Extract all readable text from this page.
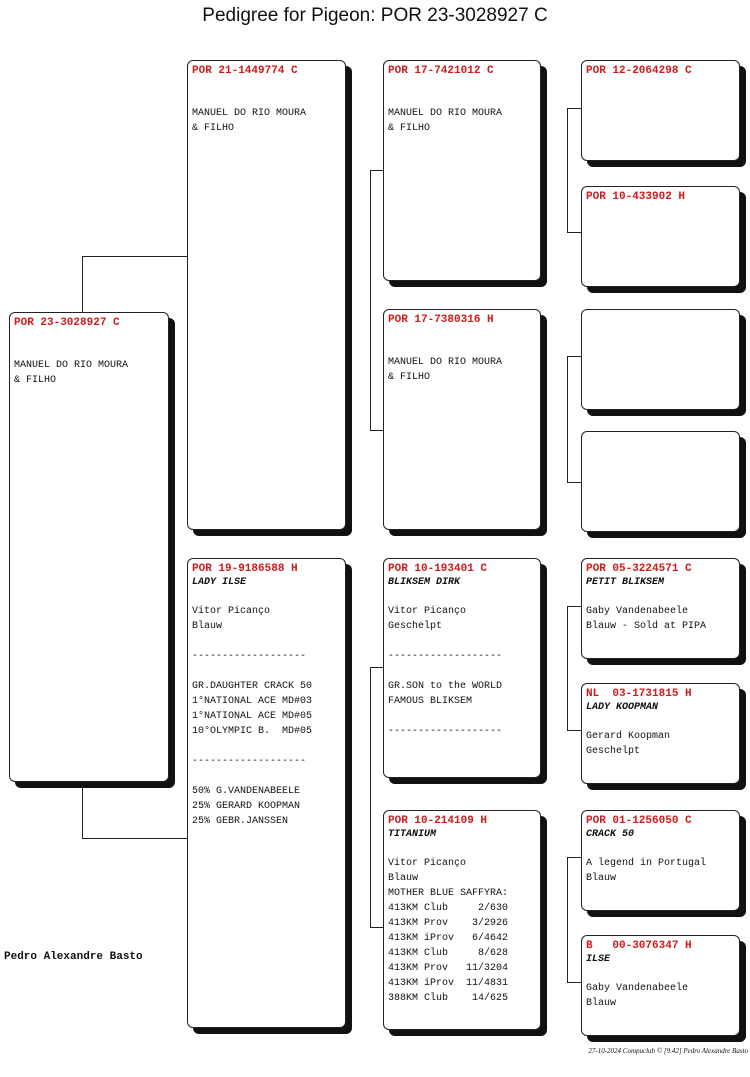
Pedigree for Pigeon: POR 23-3028927 C
POR 23-3028927 C
MANUEL DO RIO MOURA
& FILHO
POR 21-1449774 C
MANUEL DO RIO MOURA
& FILHO
POR 19-9186588 H
LADY ILSE
Vitor Picanço
Blauw
-------------------
GR.DAUGHTER CRACK 50
1°NATIONAL ACE MD#03
1°NATIONAL ACE MD#05
10°OLYMPIC B.  MD#05
-------------------
50% G.VANDENABEELE
25% GERARD KOOPMAN
25% GEBR.JANSSEN
POR 17-7421012 C
MANUEL DO RIO MOURA
& FILHO
POR 17-7380316 H
MANUEL DO RIO MOURA
& FILHO
POR 10-193401 C
BLIKSEM DIRK
Vitor Picanço
Geschelpt
-------------------
GR.SON to the WORLD
FAMOUS BLIKSEM
-------------------
POR 10-214109 H
TITANIUM
Vitor Picanço
Blauw
MOTHER BLUE SAFFYRA:
413KM Club     2/630
413KM Prov    3/2926
413KM iProv   6/4642
413KM Club     8/628
413KM Prov   11/3204
413KM iProv  11/4831
388KM Club    14/625
POR 12-2064298 C
POR 10-433902 H
POR 05-3224571 C
PETIT BLIKSEM
Gaby Vandenabeele
Blauw - Sold at PIPA
NL  03-1731815 H
LADY KOOPMAN
Gerard Koopman
Geschelpt
POR 01-1256050 C
CRACK 50
A legend in Portugal
Blauw
B   00-3076347 H
ILSE
Gaby Vandenabeele
Blauw
Pedro Alexandre Basto
27-10-2024 Compuclub © [9.42] Pedro Alexandre Basto
